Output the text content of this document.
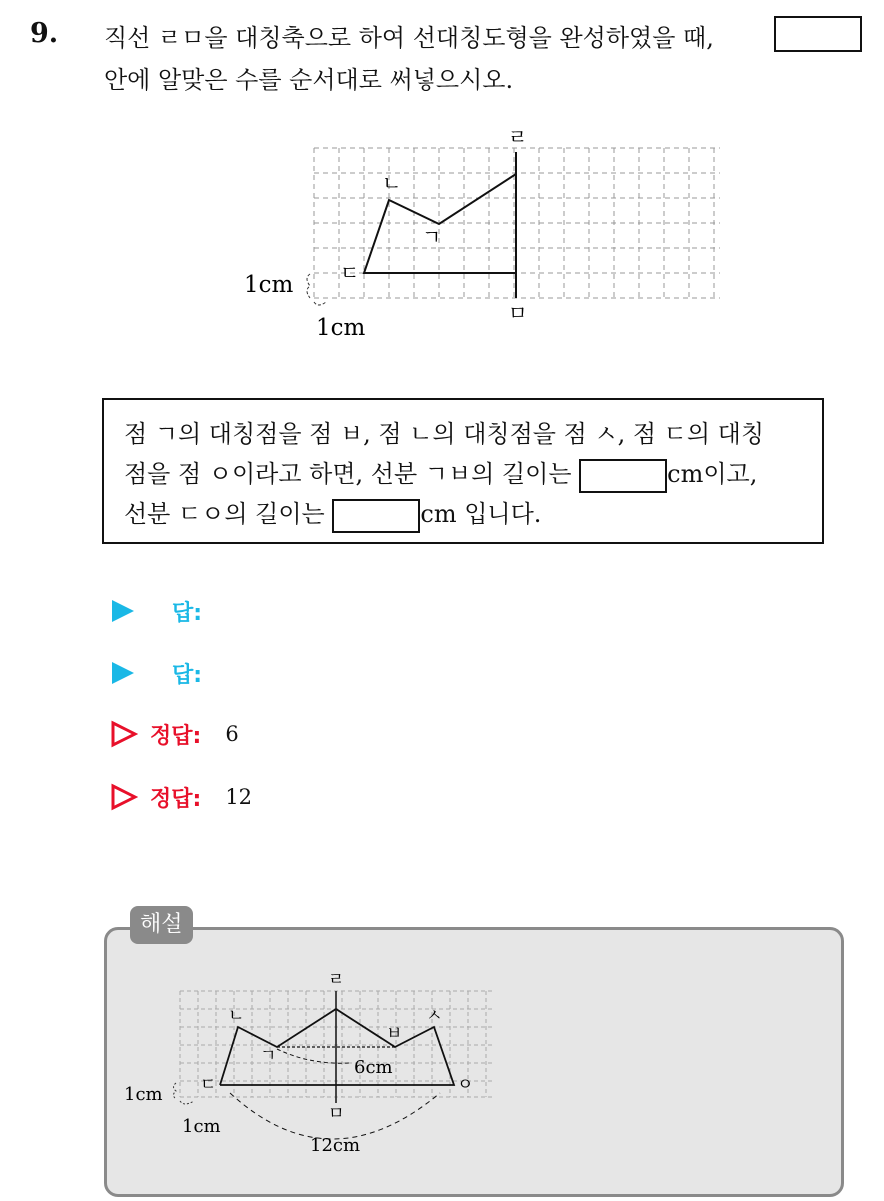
9. 직선 ㄹㅁ을 대칭축으로 하여 선대칭도형을 완성하였을 때,
안에 알맞은 수를 순서대로 써넣으시오.
ㄹ
ㅁ
ㄴ
ㄱ
ㄷ
1cm
1cm
점 ㄱ의 대칭점을 점 ㅂ, 점 ㄴ의 대칭점을 점 ㅅ, 점 ㄷ의 대칭
점을 점 ㅇ이라고 하면, 선분 ㄱㅂ의 길이는	cm이고,
선분 ㄷㅇ의 길이는	cm 입니다.
답:
답:
정답: 6
정답: 12
해설
ㄹ
ㅁ
ㄴ
ㄱ
ㄷ
ㅂ
ㅅ
ㅇ
6cm
12cm
1cm
1cm
